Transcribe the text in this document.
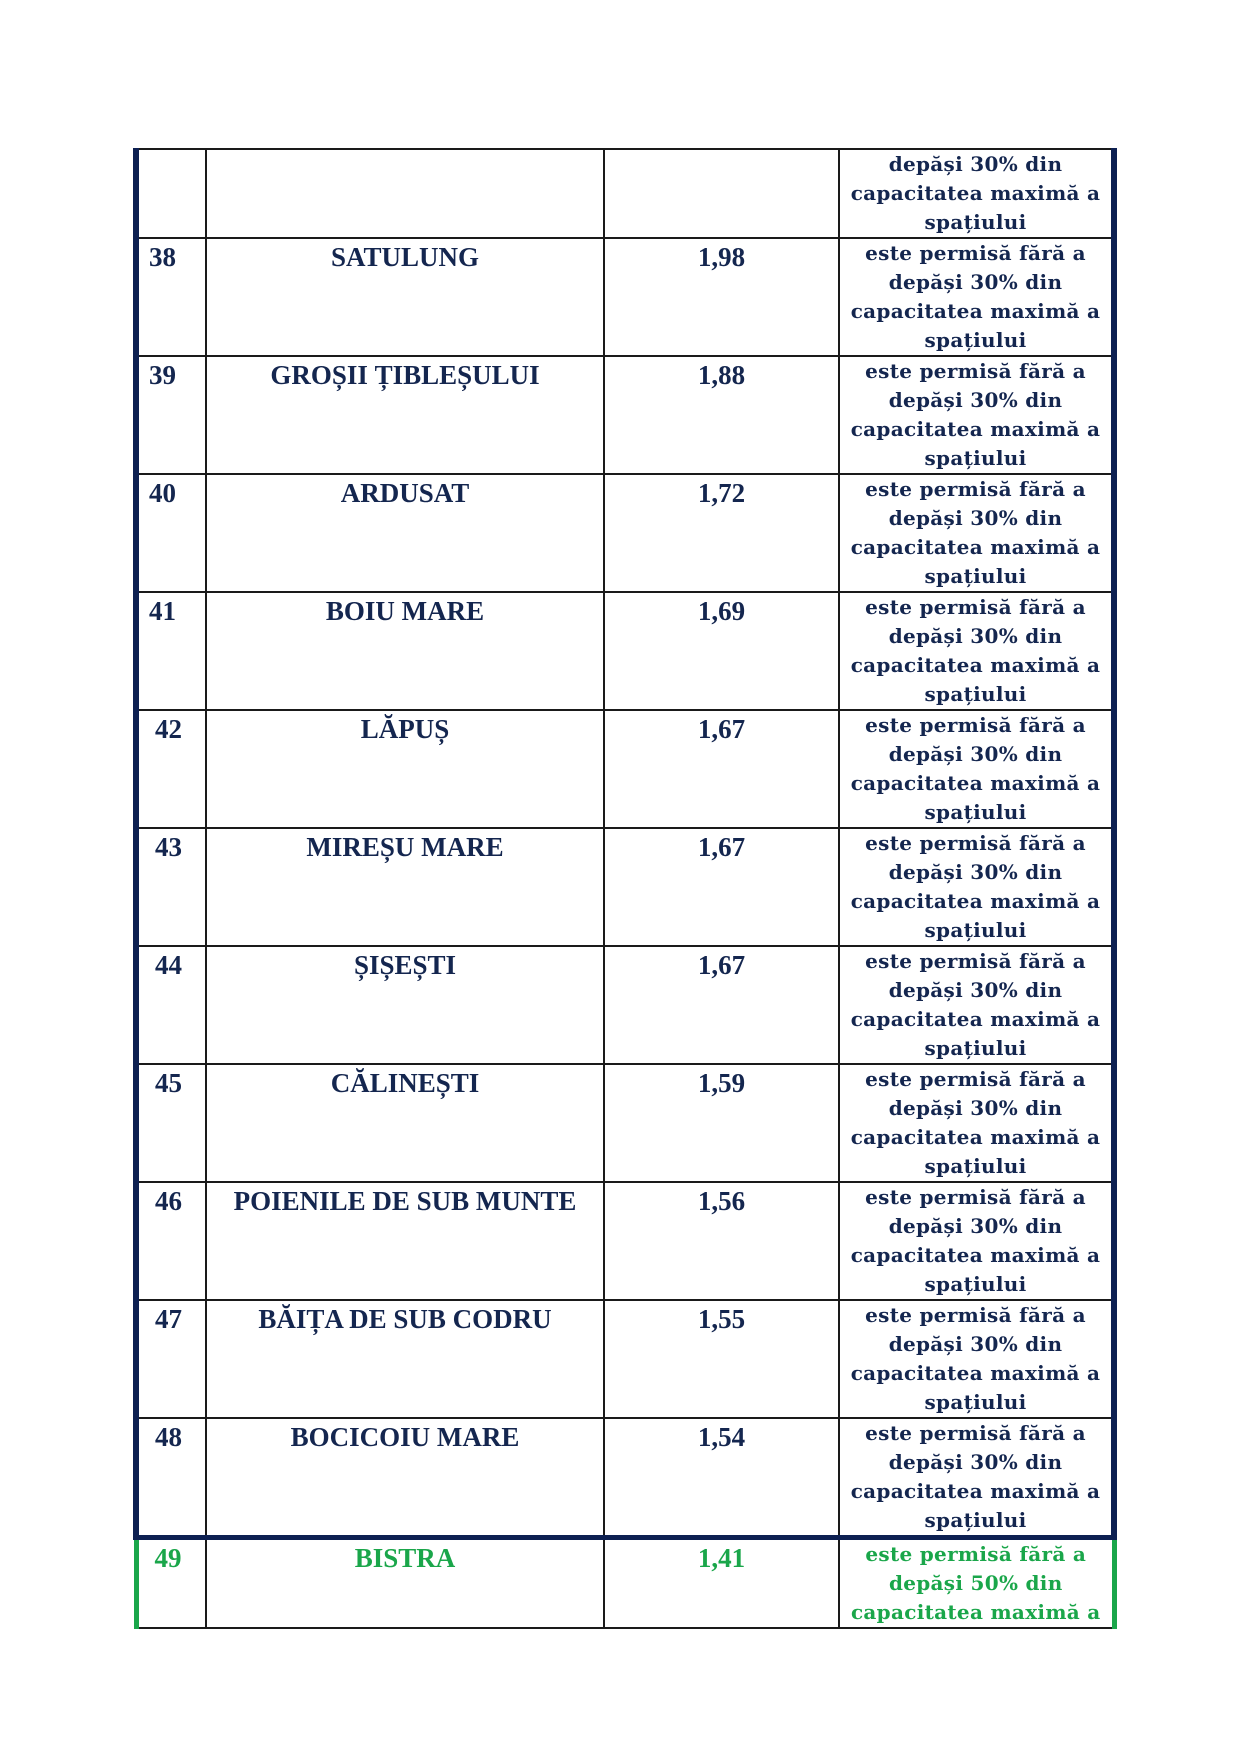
			depăși 30% din
capacitatea maximă a
spațiului

38	SATULUNG	1,98	este permisă fără a
depăși 30% din
capacitatea maximă a
spațiului

39	GROȘII ȚIBLEȘULUI	1,88	este permisă fără a
depăși 30% din
capacitatea maximă a
spațiului

40	ARDUSAT	1,72	este permisă fără a
depăși 30% din
capacitatea maximă a
spațiului

41	BOIU MARE	1,69	este permisă fără a
depăși 30% din
capacitatea maximă a
spațiului

42	LĂPUȘ	1,67	este permisă fără a
depăși 30% din
capacitatea maximă a
spațiului

43	MIREȘU MARE	1,67	este permisă fără a
depăși 30% din
capacitatea maximă a
spațiului

44	ȘIȘEȘTI	1,67	este permisă fără a
depăși 30% din
capacitatea maximă a
spațiului

45	CĂLINEȘTI	1,59	este permisă fără a
depăși 30% din
capacitatea maximă a
spațiului

46	POIENILE DE SUB MUNTE	1,56	este permisă fără a
depăși 30% din
capacitatea maximă a
spațiului

47	BĂIȚA DE SUB CODRU	1,55	este permisă fără a
depăși 30% din
capacitatea maximă a
spațiului

48	BOCICOIU MARE	1,54	este permisă fără a
depăși 30% din
capacitatea maximă a
spațiului

49	BISTRA	1,41	este permisă fără a
depăși 50% din
capacitatea maximă a
